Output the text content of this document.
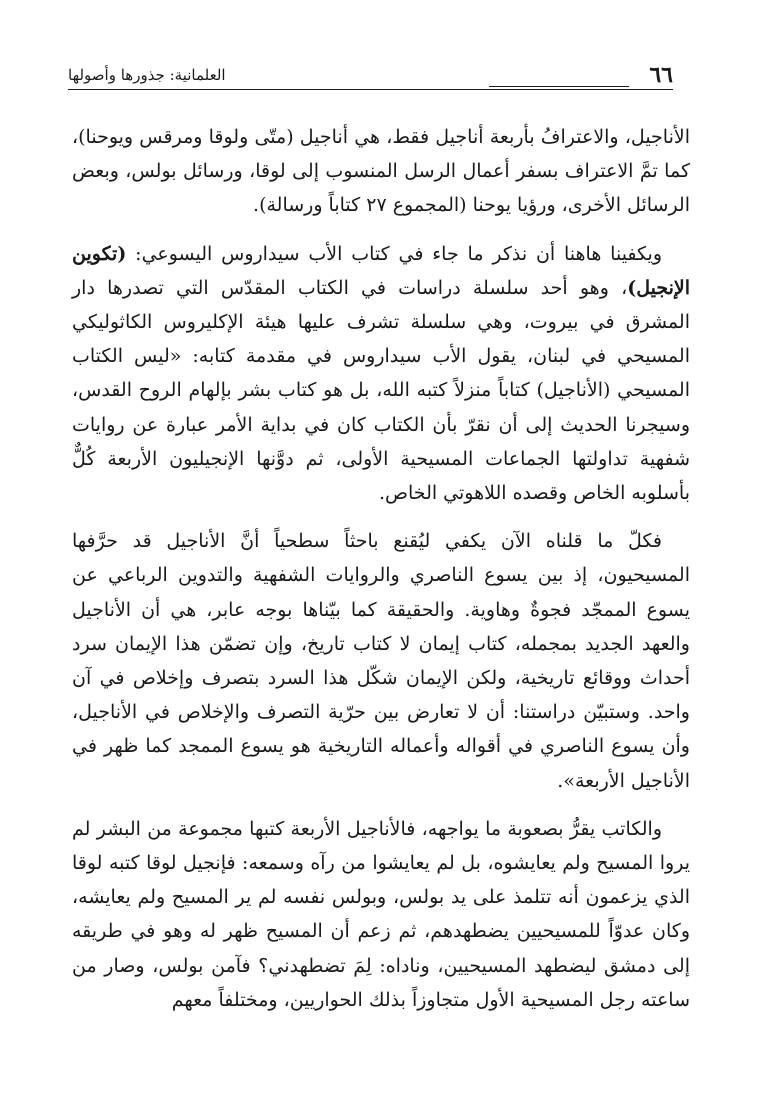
٦٦
العلمانية: جذورها وأصولها

الأناجيل، والاعترافُ بأربعة أناجيل فقط، هي أناجيل (متّى ولوقا ومرقس ويوحنا)، كما تمَّ الاعتراف بسفر أعمال الرسل المنسوب إلى لوقا، ورسائل بولس، وبعض الرسائل الأخرى، ورؤيا يوحنا (المجموع ٢٧ كتاباً ورسالة).

ويكفينا هاهنا أن نذكر ما جاء في كتاب الأب سيداروس اليسوعي: (تكوين الإنجيل)، وهو أحد سلسلة دراسات في الكتاب المقدّس التي تصدرها دار المشرق في بيروت، وهي سلسلة تشرف عليها هيئة الإكليروس الكاثوليكي المسيحي في لبنان، يقول الأب سيداروس في مقدمة كتابه: «ليس الكتاب المسيحي (الأناجيل) كتاباً منزلاً كتبه الله، بل هو كتاب بشر بإلهام الروح القدس، وسيجرنا الحديث إلى أن نقرّ بأن الكتاب كان في بداية الأمر عبارة عن روايات شفهية تداولتها الجماعات المسيحية الأولى، ثم دوَّنها الإنجيليون الأربعة كُلٌّ بأسلوبه الخاص وقصده اللاهوتي الخاص.

فكلّ ما قلناه الآن يكفي ليُقنع باحثاً سطحياً أنَّ الأناجيل قد حرَّفها المسيحيون، إذ بين يسوع الناصري والروايات الشفهية والتدوين الرباعي عن يسوع الممجّد فجوةٌ وهاوية. والحقيقة كما بيّناها بوجه عابر، هي أن الأناجيل والعهد الجديد بمجمله، كتاب إيمان لا كتاب تاريخ، وإن تضمّن هذا الإيمان سرد أحداث ووقائع تاريخية، ولكن الإيمان شكّل هذا السرد بتصرف وإخلاص في آن واحد. وستبيّن دراستنا: أن لا تعارض بين حرّية التصرف والإخلاص في الأناجيل، وأن يسوع الناصري في أقواله وأعماله التاريخية هو يسوع الممجد كما ظهر في الأناجيل الأربعة».

والكاتب يقرُّ بصعوبة ما يواجهه، فالأناجيل الأربعة كتبها مجموعة من البشر لم يروا المسيح ولم يعايشوه، بل لم يعايشوا من رآه وسمعه: فإنجيل لوقا كتبه لوقا الذي يزعمون أنه تتلمذ على يد بولس، وبولس نفسه لم ير المسيح ولم يعايشه، وكان عدوّاً للمسيحيين يضطهدهم، ثم زعم أن المسيح ظهر له وهو في طريقه إلى دمشق ليضطهد المسيحيين، وناداه: لِمَ تضطهدني؟ فآمن بولس، وصار من ساعته رجل المسيحية الأول متجاوزاً بذلك الحواريين، ومختلفاً معهم
